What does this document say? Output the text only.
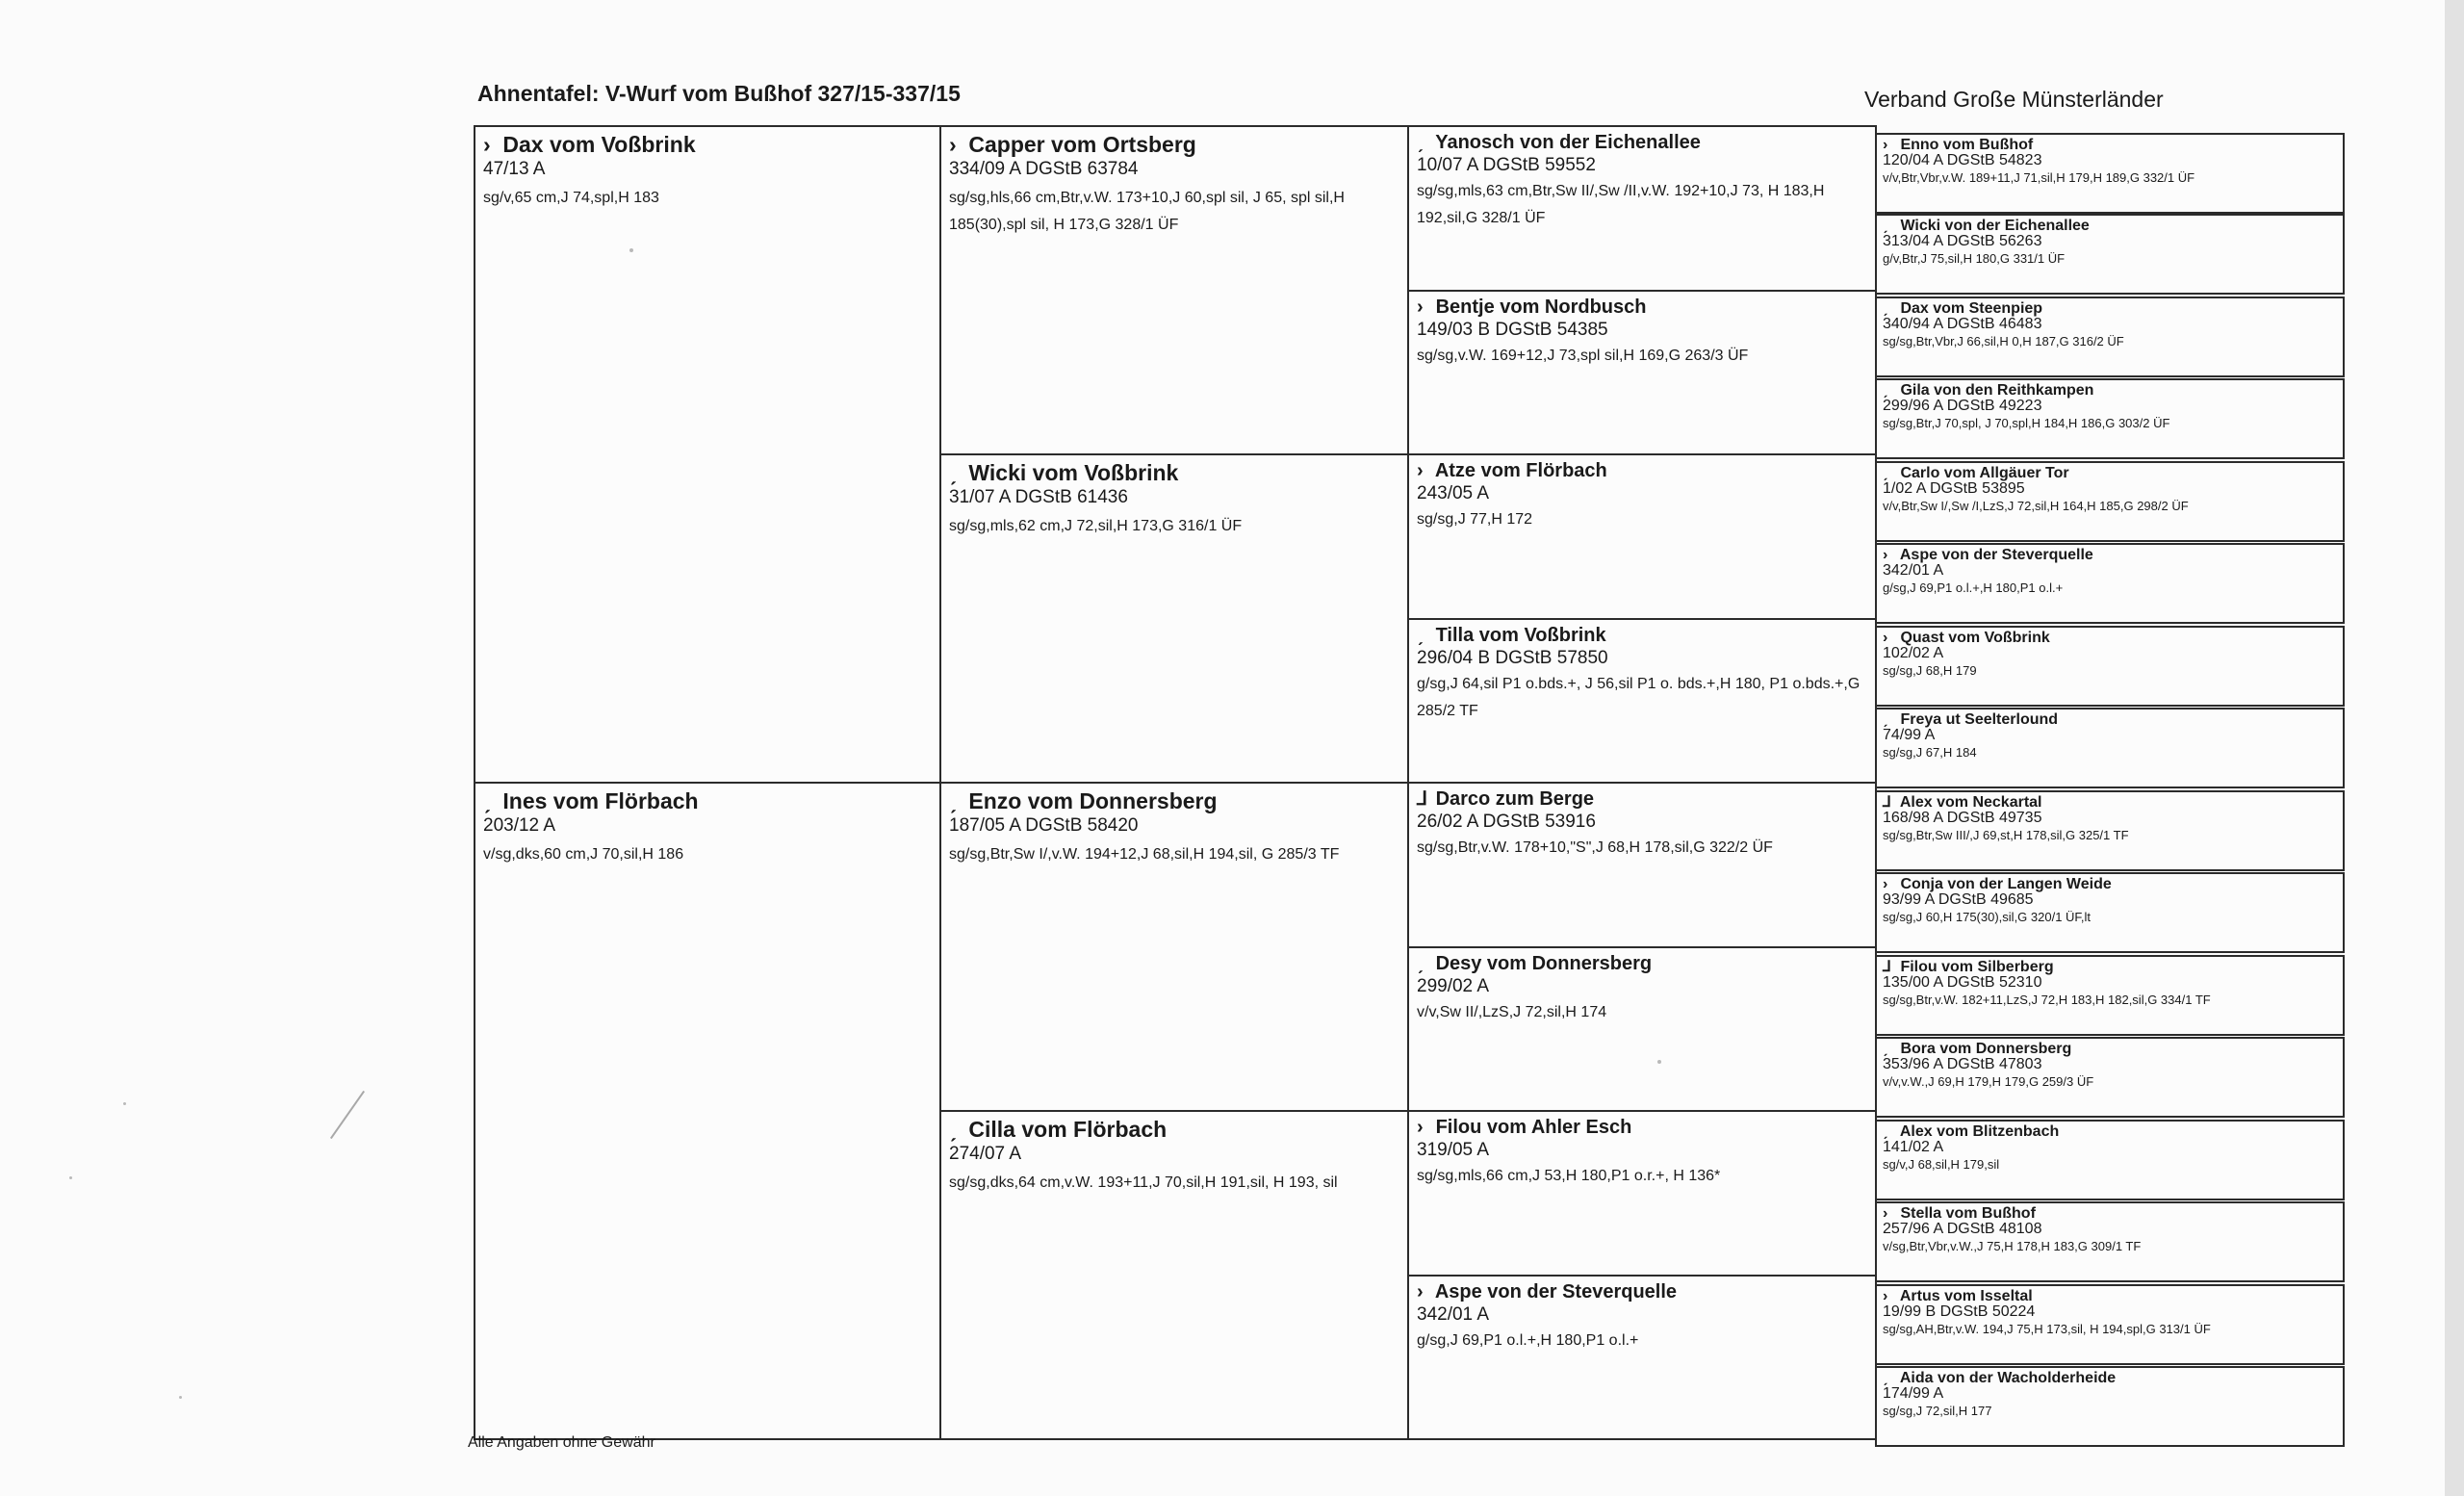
Ahnentafel: V-Wurf vom Bußhof 327/15-337/15	Verband Große Münsterländer
› Dax vom Voßbrink
47/13 A
sg/v,65 cm,J 74,spl,H 183
ˏ Ines vom Flörbach
203/12 A
v/sg,dks,60 cm,J 70,sil,H 186
› Capper vom Ortsberg
334/09 A DGStB 63784
sg/sg,hls,66 cm,Btr,v.W. 173+10,J 60,spl sil, J 65, spl sil,H 185(30),spl sil, H 173,G 328/1 ÜF
ˏ Wicki vom Voßbrink
31/07 A DGStB 61436
sg/sg,mls,62 cm,J 72,sil,H 173,G 316/1 ÜF
ˏ Enzo vom Donnersberg
187/05 A DGStB 58420
sg/sg,Btr,Sw I/,v.W. 194+12,J 68,sil,H 194,sil, G 285/3 TF
ˏ Cilla vom Flörbach
274/07 A
sg/sg,dks,64 cm,v.W. 193+11,J 70,sil,H 191,sil, H 193, sil
ˏ Yanosch von der Eichenallee
10/07 A DGStB 59552
sg/sg,mls,63 cm,Btr,Sw II/,Sw /II,v.W. 192+10,J 73, H 183,H 192,sil,G 328/1 ÜF
› Bentje vom Nordbusch
149/03 B DGStB 54385
sg/sg,v.W. 169+12,J 73,spl sil,H 169,G 263/3 ÜF
› Atze vom Flörbach
243/05 A
sg/sg,J 77,H 172
ˏ Tilla vom Voßbrink
296/04 B DGStB 57850
g/sg,J 64,sil P1 o.bds.+, J 56,sil P1 o. bds.+,H 180, P1 o.bds.+,G 285/2 TF
⅃ Darco zum Berge
26/02 A DGStB 53916
sg/sg,Btr,v.W. 178+10,"S",J 68,H 178,sil,G 322/2 ÜF
ˏ Desy vom Donnersberg
299/02 A
v/v,Sw II/,LzS,J 72,sil,H 174
› Filou vom Ahler Esch
319/05 A
sg/sg,mls,66 cm,J 53,H 180,P1 o.r.+, H 136*
› Aspe von der Steverquelle
342/01 A
g/sg,J 69,P1 o.l.+,H 180,P1 o.l.+
› Enno vom Bußhof
120/04 A DGStB 54823
v/v,Btr,Vbr,v.W. 189+11,J 71,sil,H 179,H 189,G 332/1 ÜF
ˏ Wicki von der Eichenallee
313/04 A DGStB 56263
g/v,Btr,J 75,sil,H 180,G 331/1 ÜF
ˏ Dax vom Steenpiep
340/94 A DGStB 46483
sg/sg,Btr,Vbr,J 66,sil,H 0,H 187,G 316/2 ÜF
ˏ Gila von den Reithkampen
299/96 A DGStB 49223
sg/sg,Btr,J 70,spl, J 70,spl,H 184,H 186,G 303/2 ÜF
ˏ Carlo vom Allgäuer Tor
1/02 A DGStB 53895
v/v,Btr,Sw I/,Sw /I,LzS,J 72,sil,H 164,H 185,G 298/2 ÜF
› Aspe von der Steverquelle
342/01 A
g/sg,J 69,P1 o.l.+,H 180,P1 o.l.+
› Quast vom Voßbrink
102/02 A
sg/sg,J 68,H 179
ˏ Freya ut Seelterlound
74/99 A
sg/sg,J 67,H 184
⅃ Alex vom Neckartal
168/98 A DGStB 49735
sg/sg,Btr,Sw III/,J 69,st,H 178,sil,G 325/1 TF
› Conja von der Langen Weide
93/99 A DGStB 49685
sg/sg,J 60,H 175(30),sil,G 320/1 ÜF,lt
⅃ Filou vom Silberberg
135/00 A DGStB 52310
sg/sg,Btr,v.W. 182+11,LzS,J 72,H 183,H 182,sil,G 334/1 TF
ˏ Bora vom Donnersberg
353/96 A DGStB 47803
v/v,v.W.,J 69,H 179,H 179,G 259/3 ÜF
ˏ Alex vom Blitzenbach
141/02 A
sg/v,J 68,sil,H 179,sil
› Stella vom Bußhof
257/96 A DGStB 48108
v/sg,Btr,Vbr,v.W.,J 75,H 178,H 183,G 309/1 TF
› Artus vom Isseltal
19/99 B DGStB 50224
sg/sg,AH,Btr,v.W. 194,J 75,H 173,sil, H 194,spl,G 313/1 ÜF
ˏ Aida von der Wacholderheide
174/99 A
sg/sg,J 72,sil,H 177
Alle Angaben ohne Gewähr
